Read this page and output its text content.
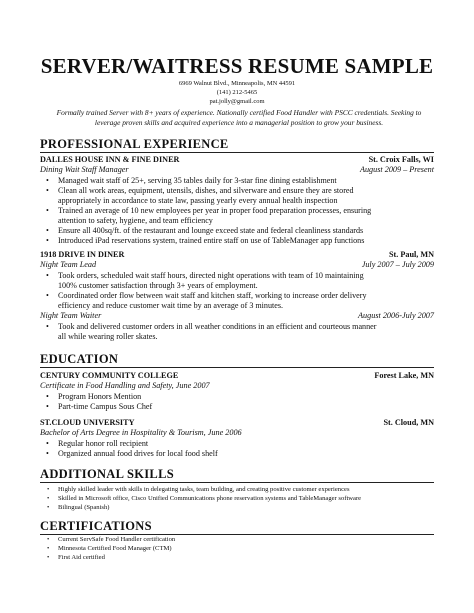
SERVER/WAITRESS RESUME SAMPLE
6969 Walnut Blvd., Minneapolis, MN 44591
(141) 212-5465
pat.jolly@gmail.com
Formally trained Server with 8+ years of experience. Nationally certified Food Handler with PSCC credentials. Seeking to
leverage proven skills and acquired experience into a managerial position to grow your business.
PROFESSIONAL EXPERIENCE
DALLES HOUSE INN & FINE DINER	St. Croix Falls, WI
Dining Wait Staff Manager	August 2009 – Present
• Managed wait staff of 25+, serving 35 tables daily for 3-star fine dining establishment
• Clean all work areas, equipment, utensils, dishes, and silverware and ensure they are stored
appropriately in accordance to state law, passing yearly every annual health inspection
• Trained an average of 10 new employees per year in proper food preparation processes, ensuring
attention to safety, hygiene, and team efficiency
• Ensure all 400sq/ft. of the restaurant and lounge exceed state and federal cleanliness standards
• Introduced iPad reservations system, trained entire staff on use of TableManager app functions
1918 DRIVE IN DINER	St. Paul, MN
Night Team Lead	July 2007 – July 2009
• Took orders, scheduled wait staff hours, directed night operations with team of 10 maintaining
100% customer satisfaction through 3+ years of employment.
• Coordinated order flow between wait staff and kitchen staff, working to increase order delivery
efficiency and reduce customer wait time by an average of 3 minutes.
Night Team Waiter	August 2006-July 2007
• Took and delivered customer orders in all weather conditions in an efficient and courteous manner
all while wearing roller skates.
EDUCATION
CENTURY COMMUNITY COLLEGE	Forest Lake, MN
Certificate in Food Handling and Safety, June 2007
• Program Honors Mention
• Part-time Campus Sous Chef
ST.CLOUD UNIVERSITY	St. Cloud, MN
Bachelor of Arts Degree in Hospitality & Tourism, June 2006
• Regular honor roll recipient
• Organized annual food drives for local food shelf
ADDITIONAL SKILLS
• Highly skilled leader with skills in delegating tasks, team building, and creating positive customer experiences
• Skilled in Microsoft office, Cisco Unified Communications phone reservation systems and TableManager software
• Bilingual (Spanish)
CERTIFICATIONS
• Current ServSafe Food Handler certification
• Minnesota Certified Food Manager (CTM)
• First Aid certified
